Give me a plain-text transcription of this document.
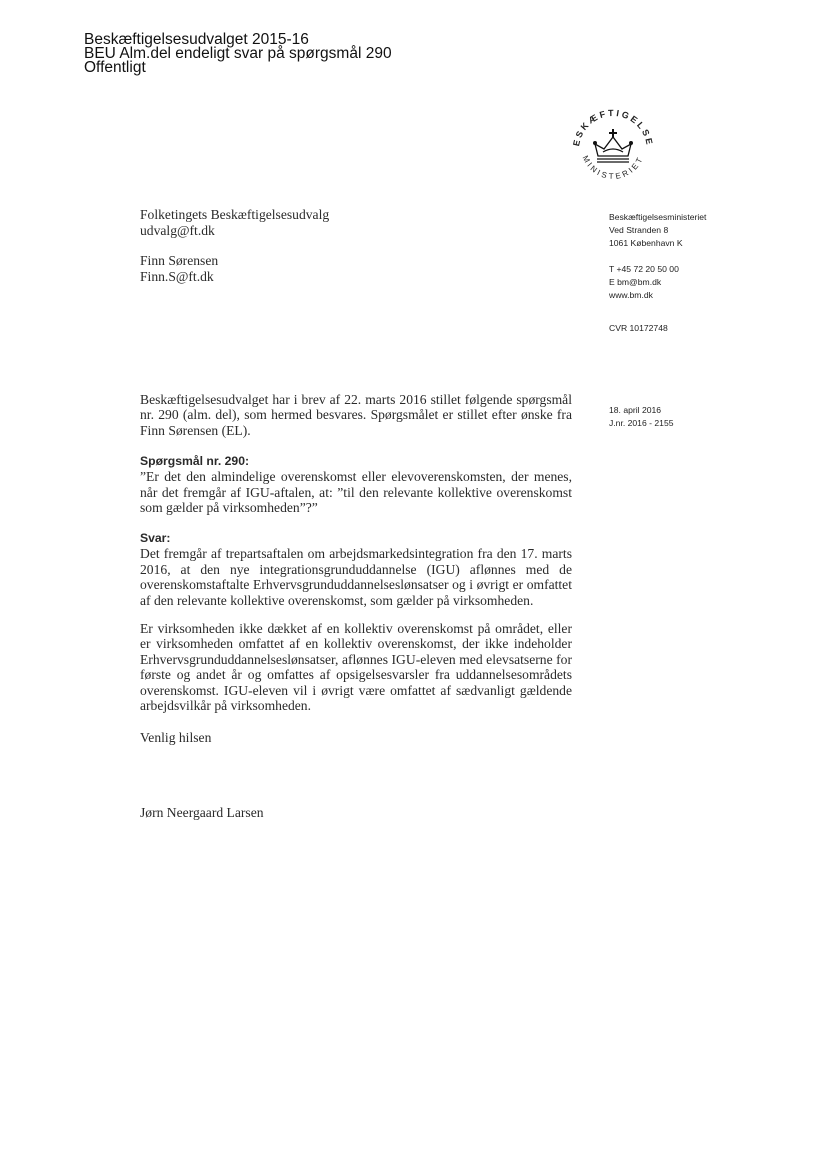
Beskæftigelsesudvalget 2015-16
BEU Alm.del endeligt svar på spørgsmål 290
Offentligt
ESKÆFTIGELSE
MINISTERIET
Folketingets Beskæftigelsesudvalg
udvalg@ft.dk
Finn Sørensen
Finn.S@ft.dk
Beskæftigelsesministeriet
Ved Stranden 8
1061 København K
T +45 72 20 50 00
E bm@bm.dk
www.bm.dk
CVR 10172748
18. april 2016
J.nr. 2016 - 2155

Beskæftigelsesudvalget har i brev af 22. marts 2016 stillet følgende spørgsmål nr. 290 (alm. del), som hermed besvares. Spørgsmålet er stillet efter ønske fra Finn Sørensen (EL).

Spørgsmål nr. 290:

”Er det den almindelige overenskomst eller elevoverenskomsten, der menes, når det fremgår af IGU-aftalen, at: ”til den relevante kollektive overenskomst som gælder på virksomheden”?”

Svar:

Det fremgår af trepartsaftalen om arbejdsmarkedsintegration fra den 17. marts 2016, at den nye integrationsgrunduddannelse (IGU) aflønnes med de overenskomstaftalte Erhvervsgrunduddannelseslønsatser og i øvrigt er omfattet af den relevante kollektive overenskomst, som gælder på virksomheden.

Er virksomheden ikke dækket af en kollektiv overenskomst på området, eller er virksomheden omfattet af en kollektiv overenskomst, der ikke indeholder Erhvervsgrunduddannelseslønsatser, aflønnes IGU-eleven med elevsatserne for første og andet år og omfattes af opsigelsesvarsler fra uddannelsesområdets overenskomst. IGU-eleven vil i øvrigt være omfattet af sædvanligt gældende arbejdsvilkår på virksomheden.

Venlig hilsen
Jørn Neergaard Larsen
